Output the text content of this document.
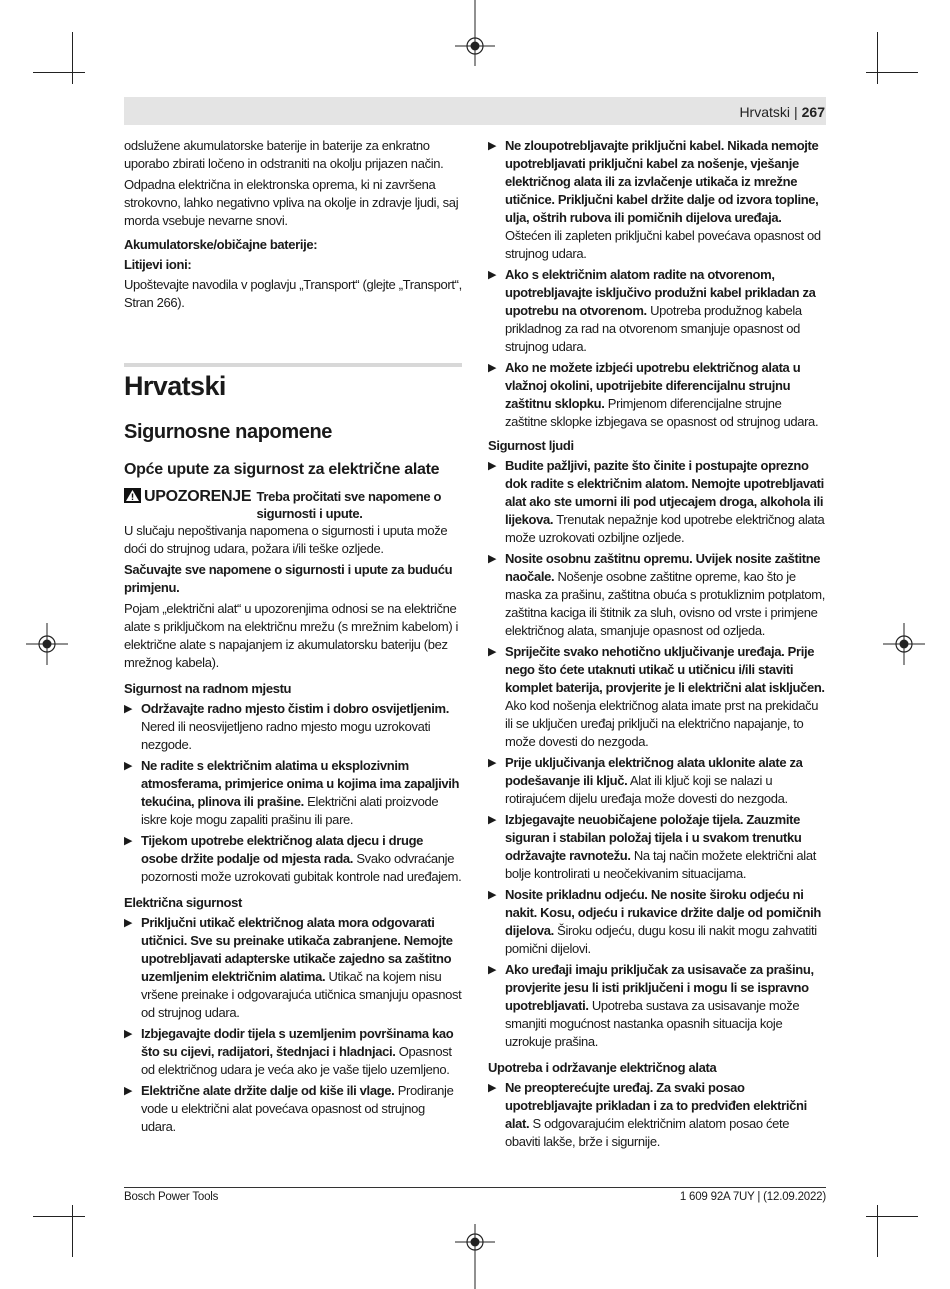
Hrvatski | 267

odslužene akumulatorske baterije in baterije za enkratno uporabo zbirati ločeno in odstraniti na okolju prijazen način.

Odpadna električna in elektronska oprema, ki ni završena strokovno, lahko negativno vpliva na okolje in zdravje ljudi, saj morda vsebuje nevarne snovi.

Akumulatorske/običajne baterije:

Litijevi ioni:

Upoštevajte navodila v poglavju „Transport“ (glejte „Transport“, Stran 266).

Hrvatski
Sigurnosne napomene
Opće upute za sigurnost za električne alate
UPOZORENJE Treba pročitati sve napomene o sigurnosti i upute.

U slučaju nepoštivanja napomena o sigurnosti i uputa može doći do strujnog udara, požara i/ili teške ozljede.

Sačuvajte sve napomene o sigurnosti i upute za buduću primjenu.

Pojam „električni alat“ u upozorenjima odnosi se na električne alate s priključkom na električnu mrežu (s mrežnim kabelom) i električne alate s napajanjem iz akumulatorsku bateriju (bez mrežnog kabela).

Sigurnost na radnom mjestu

▶ Održavajte radno mjesto čistim i dobro osvijetljenim. Nered ili neosvijetljeno radno mjesto mogu uzrokovati nezgode.
▶ Ne radite s električnim alatima u eksplozivnim atmosferama, primjerice onima u kojima ima zapaljivih tekućina, plinova ili prašine. Električni alati proizvode iskre koje mogu zapaliti prašinu ili pare.
▶ Tijekom upotrebe električnog alata djecu i druge osobe držite podalje od mjesta rada. Svako odvraćanje pozornosti može uzrokovati gubitak kontrole nad uređajem.

Električna sigurnost

▶ Priključni utikač električnog alata mora odgovarati utičnici. Sve su preinake utikača zabranjene. Nemojte upotrebljavati adapterske utikače zajedno sa zaštitno uzemljenim električnim alatima. Utikač na kojem nisu vršene preinake i odgovarajuća utičnica smanjuju opasnost od strujnog udara.
▶ Izbjegavajte dodir tijela s uzemljenim površinama kao što su cijevi, radijatori, štednjaci i hladnjaci. Opasnost od električnog udara je veća ako je vaše tijelo uzemljeno.
▶ Električne alate držite dalje od kiše ili vlage. Prodiranje vode u električni alat povećava opasnost od strujnog udara.
▶ Ne zloupotrebljavajte priključni kabel. Nikada nemojte upotrebljavati priključni kabel za nošenje, vješanje električnog alata ili za izvlačenje utikača iz mrežne utičnice. Priključni kabel držite dalje od izvora topline, ulja, oštrih rubova ili pomičnih dijelova uređaja. Oštećen ili zapleten priključni kabel povećava opasnost od strujnog udara.
▶ Ako s električnim alatom radite na otvorenom, upotrebljavajte isključivo produžni kabel prikladan za upotrebu na otvorenom. Upotreba produžnog kabela prikladnog za rad na otvorenom smanjuje opasnost od strujnog udara.
▶ Ako ne možete izbjeći upotrebu električnog alata u vlažnoj okolini, upotrijebite diferencijalnu strujnu zaštitnu sklopku. Primjenom diferencijalne strujne zaštitne sklopke izbjegava se opasnost od strujnog udara.

Sigurnost ljudi

▶ Budite pažljivi, pazite što činite i postupajte oprezno dok radite s električnim alatom. Nemojte upotrebljavati alat ako ste umorni ili pod utjecajem droga, alkohola ili lijekova. Trenutak nepažnje kod upotrebe električnog alata može uzrokovati ozbiljne ozljede.
▶ Nosite osobnu zaštitnu opremu. Uvijek nosite zaštitne naočale. Nošenje osobne zaštitne opreme, kao što je maska za prašinu, zaštitna obuća s protukliznim potplatom, zaštitna kaciga ili štitnik za sluh, ovisno od vrste i primjene električnog alata, smanjuje opasnost od ozljeda.
▶ Spriječite svako nehotično uključivanje uređaja. Prije nego što ćete utaknuti utikač u utičnicu i/ili staviti komplet baterija, provjerite je li električni alat isključen. Ako kod nošenja električnog alata imate prst na prekidaču ili se uključen uređaj priključi na električno napajanje, to može dovesti do nezgoda.
▶ Prije uključivanja električnog alata uklonite alate za podešavanje ili ključ. Alat ili ključ koji se nalazi u rotirajućem dijelu uređaja može dovesti do nezgoda.
▶ Izbjegavajte neuobičajene položaje tijela. Zauzmite siguran i stabilan položaj tijela i u svakom trenutku održavajte ravnotežu. Na taj način možete električni alat bolje kontrolirati u neočekivanim situacijama.
▶ Nosite prikladnu odjeću. Ne nosite široku odjeću ni nakit. Kosu, odjeću i rukavice držite dalje od pomičnih dijelova. Široku odjeću, dugu kosu ili nakit mogu zahvatiti pomični dijelovi.
▶ Ako uređaji imaju priključak za usisavače za prašinu, provjerite jesu li isti priključeni i mogu li se ispravno upotrebljavati. Upotreba sustava za usisavanje može smanjiti mogućnost nastanka opasnih situacija koje uzrokuje prašina.

Upotreba i održavanje električnog alata

▶ Ne preopterećujte uređaj. Za svaki posao upotrebljavajte prikladan i za to predviđen električni alat. S odgovarajućim električnim alatom posao ćete obaviti lakše, brže i sigurnije.
Bosch Power Tools	1 609 92A 7UY | (12.09.2022)
